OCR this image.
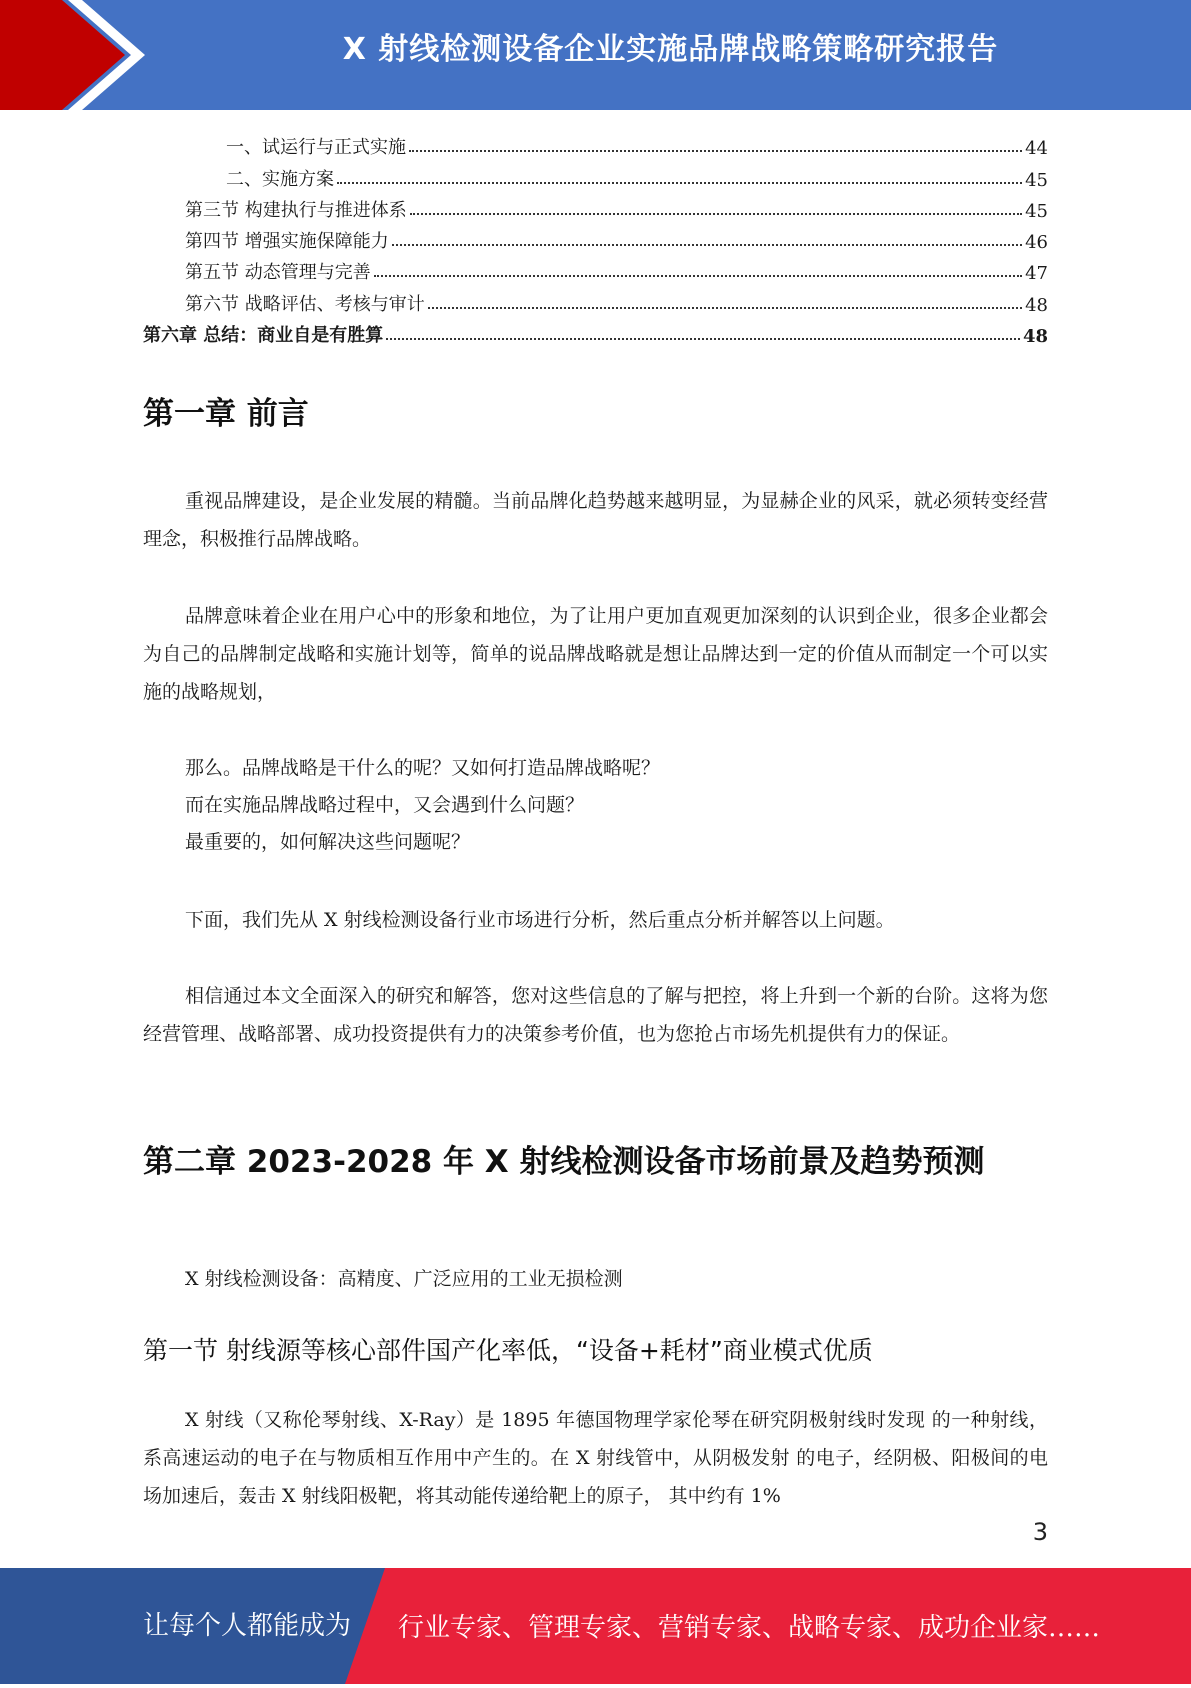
X 射线检测设备企业实施品牌战略策略研究报告
一、试运行与正式实施	44
二、实施方案	45
第三节 构建执行与推进体系	45
第四节 增强实施保障能力	46
第五节 动态管理与完善	47
第六节 战略评估、考核与审计	48
第六章 总结：商业自是有胜算	48
第一章 前言

重视品牌建设，是企业发展的精髓。当前品牌化趋势越来越明显，为显赫企业的风采，就必须转变经营理念，积极推行品牌战略。

品牌意味着企业在用户心中的形象和地位，为了让用户更加直观更加深刻的认识到企业，很多企业都会为自己的品牌制定战略和实施计划等，简单的说品牌战略就是想让品牌达到一定的价值从而制定一个可以实施的战略规划，

那么。品牌战略是干什么的呢？又如何打造品牌战略呢？

而在实施品牌战略过程中，又会遇到什么问题？

最重要的，如何解决这些问题呢？

下面，我们先从 X 射线检测设备行业市场进行分析，然后重点分析并解答以上问题。

相信通过本文全面深入的研究和解答，您对这些信息的了解与把控，将上升到一个新的台阶。这将为您经营管理、战略部署、成功投资提供有力的决策参考价值，也为您抢占市场先机提供有力的保证。

第二章 2023-2028 年 X 射线检测设备市场前景及趋势预测

X 射线检测设备：高精度、广泛应用的工业无损检测

第一节 射线源等核心部件国产化率低，“设备+耗材”商业模式优质

X 射线（又称伦琴射线、X-Ray）是 1895 年德国物理学家伦琴在研究阴极射线时发现 的一种射线，系高速运动的电子在与物质相互作用中产生的。在 X 射线管中，从阴极发射 的电子，经阴极、阳极间的电场加速后，轰击 X 射线阳极靶，将其动能传递给靶上的原子， 其中约有 1%

3
让每个人都能成为 行业专家、管理专家、营销专家、战略专家、成功企业家……
